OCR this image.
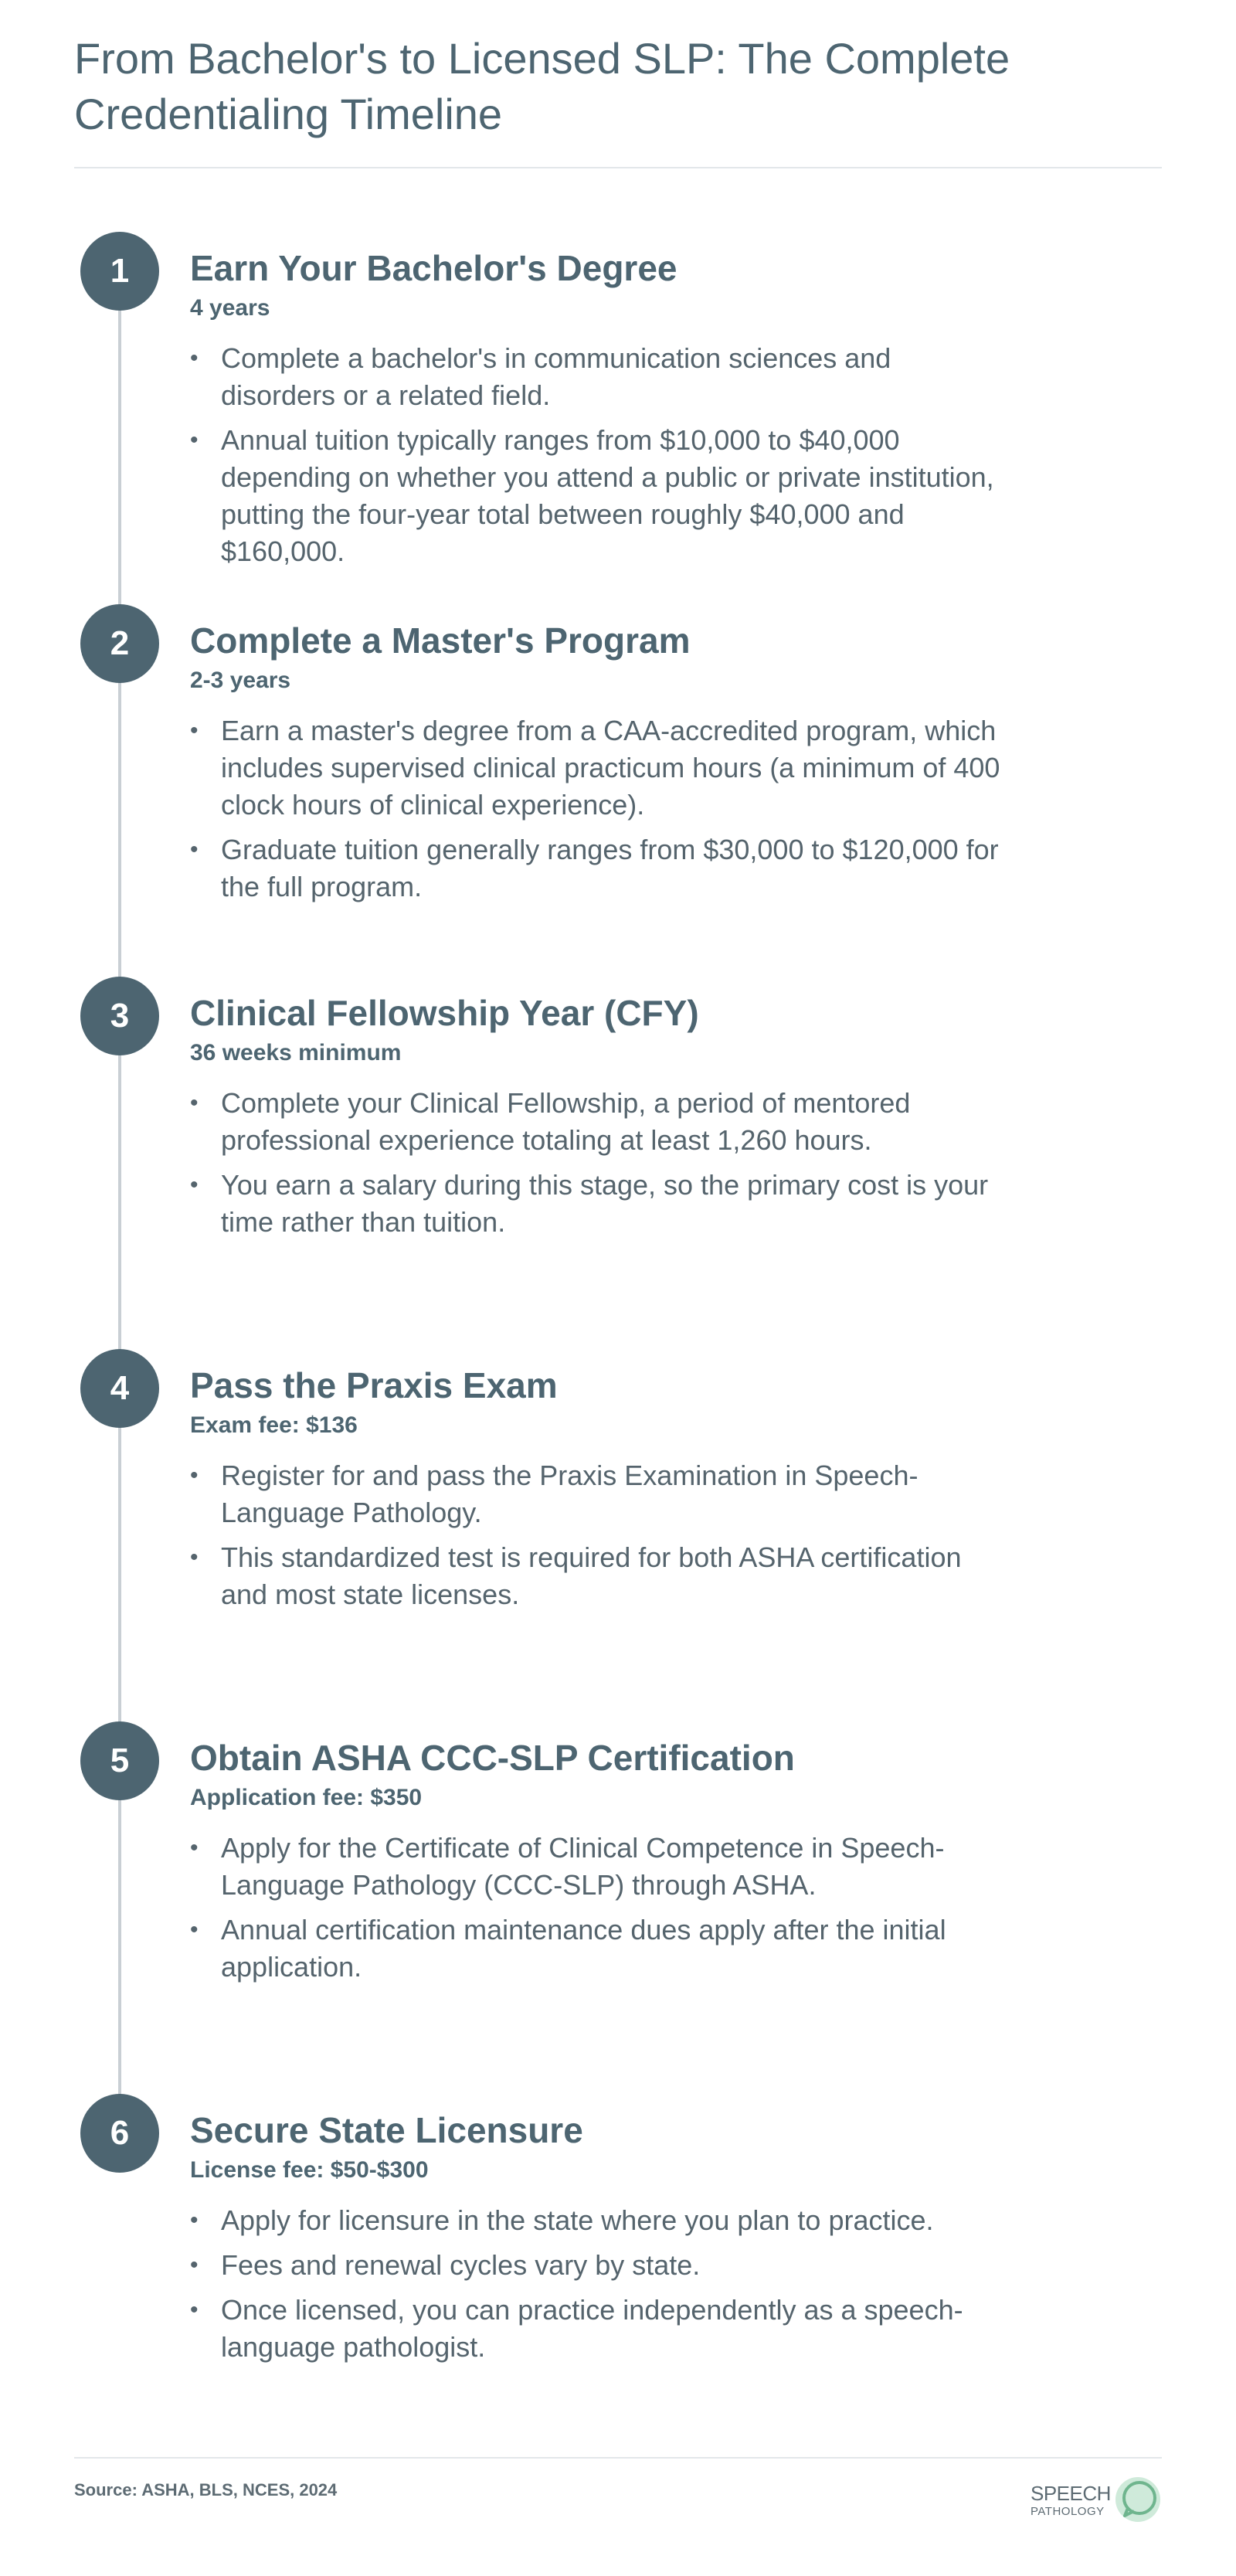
From Bachelor's to Licensed SLP: The Complete Credentialing Timeline
1	Earn Your Bachelor's Degree

4 years

• Complete a bachelor's in communication sciences and disorders or a related field.
• Annual tuition typically ranges from $10,000 to $40,000 depending on whether you attend a public or private institution, putting the four-year total between roughly $40,000 and $160,000.
2	Complete a Master's Program

2-3 years

• Earn a master's degree from a CAA-accredited program, which includes supervised clinical practicum hours (a minimum of 400 clock hours of clinical experience).
• Graduate tuition generally ranges from $30,000 to $120,000 for the full program.
3	Clinical Fellowship Year (CFY)

36 weeks minimum

• Complete your Clinical Fellowship, a period of mentored professional experience totaling at least 1,260 hours.
• You earn a salary during this stage, so the primary cost is your time rather than tuition.
4	Pass the Praxis Exam

Exam fee: $136

• Register for and pass the Praxis Examination in Speech-Language Pathology.
• This standardized test is required for both ASHA certification and most state licenses.
5	Obtain ASHA CCC-SLP Certification

Application fee: $350

• Apply for the Certificate of Clinical Competence in Speech-Language Pathology (CCC-SLP) through ASHA.
• Annual certification maintenance dues apply after the initial application.
6	Secure State Licensure

License fee: $50-$300

• Apply for licensure in the state where you plan to practice.
• Fees and renewal cycles vary by state.
• Once licensed, you can practice independently as a speech-language pathologist.
Source: ASHA, BLS, NCES, 2024	SPEECH
PATHOLOGY
